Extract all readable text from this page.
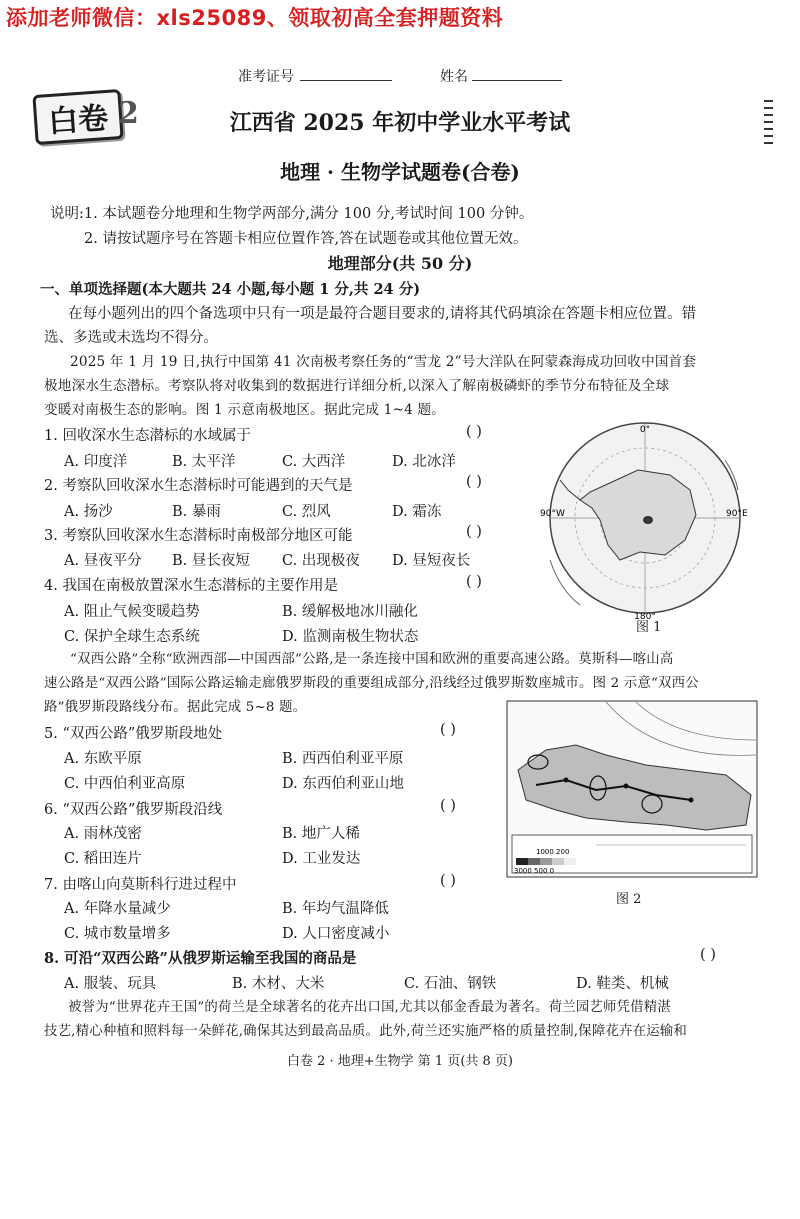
添加老师微信：xls25089、领取初高全套押题资料
白卷 2
准考证号	姓名
江西省 2025 年初中学业水平考试
地理 · 生物学试题卷(合卷)
说明:1. 本试题卷分地理和生物学两部分,满分 100 分,考试时间 100 分钟。
2. 请按试题序号在答题卡相应位置作答,答在试题卷或其他位置无效。
地理部分(共 50 分)
一、单项选择题(本大题共 24 小题,每小题 1 分,共 24 分)
在每小题列出的四个备选项中只有一项是最符合题目要求的,请将其代码填涂在答题卡相应位置。错
选、多选或未选均不得分。
2025 年 1 月 19 日,执行中国第 41 次南极考察任务的“雪龙 2”号大洋队在阿蒙森海成功回收中国首套
极地深水生态潜标。考察队将对收集到的数据进行详细分析,以深入了解南极磷虾的季节分布特征及全球
变暖对南极生态的影响。图 1 示意南极地区。据此完成 1~4 题。
1. 回收深水生态潜标的水域属于	( )
A. 印度洋	B. 太平洋	C. 大西洋	D. 北冰洋
2. 考察队回收深水生态潜标时可能遇到的天气是	( )
A. 扬沙	B. 暴雨	C. 烈风	D. 霜冻
3. 考察队回收深水生态潜标时南极部分地区可能	( )
A. 昼夜平分 B. 昼长夜短 C. 出现极夜 D. 昼短夜长
4. 我国在南极放置深水生态潜标的主要作用是	( )
A. 阻止气候变暖趋势	B. 缓解极地冰川融化
C. 保护全球生态系统	D. 监测南极生物状态
0°
90°W	90°E
180°
图 1
“双西公路”全称“欧洲西部—中国西部”公路,是一条连接中国和欧洲的重要高速公路。莫斯科—喀山高
速公路是“双西公路”国际公路运输走廊俄罗斯段的重要组成部分,沿线经过俄罗斯数座城市。图 2 示意“双西公
路”俄罗斯段路线分布。据此完成 5~8 题。
5. “双西公路”俄罗斯段地处	( )
A. 东欧平原	B. 西西伯利亚平原
C. 中西伯利亚高原	D. 东西伯利亚山地
6. “双西公路”俄罗斯段沿线	( )
A. 雨林茂密	B. 地广人稀
C. 稻田连片	D. 工业发达
7. 由喀山向莫斯科行进过程中	( )
A. 年降水量减少	B. 年均气温降低
C. 城市数量增多	D. 人口密度减小
1000 200
3000 500 0
图 2
8. 可沿“双西公路”从俄罗斯运输至我国的商品是	( )
A. 服装、玩具	B. 木材、大米	C. 石油、钢铁	D. 鞋类、机械
被誉为“世界花卉王国”的荷兰是全球著名的花卉出口国,尤其以郁金香最为著名。荷兰园艺师凭借精湛
技艺,精心种植和照料每一朵鲜花,确保其达到最高品质。此外,荷兰还实施严格的质量控制,保障花卉在运输和
白卷 2 · 地理+生物学 第 1 页(共 8 页)
